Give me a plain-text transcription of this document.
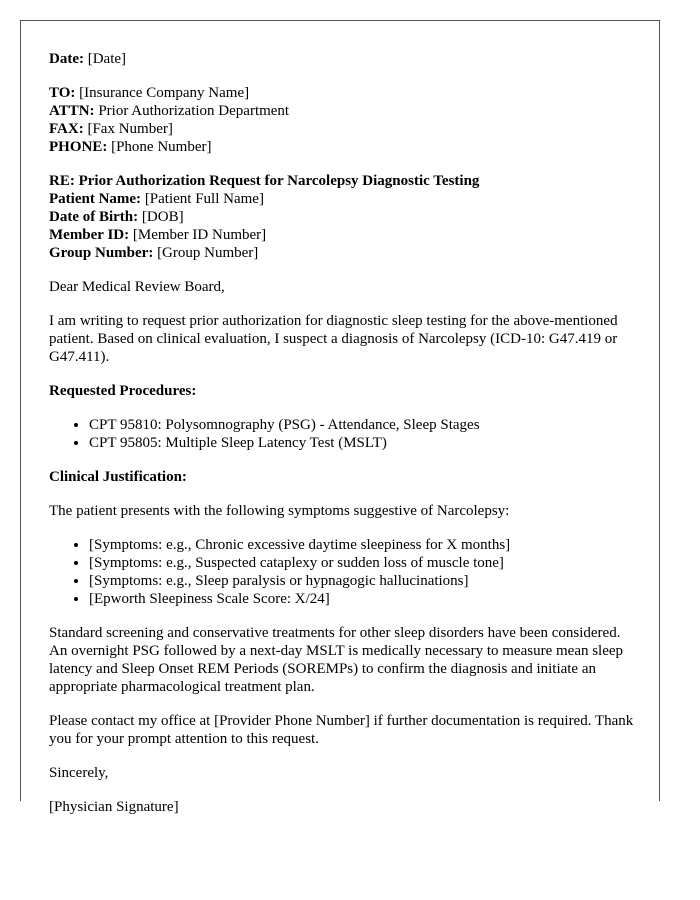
Date: [Date]
TO: [Insurance Company Name]
ATTN: Prior Authorization Department
FAX: [Fax Number]
PHONE: [Phone Number]
RE: Prior Authorization Request for Narcolepsy Diagnostic Testing
Patient Name: [Patient Full Name]
Date of Birth: [DOB]
Member ID: [Member ID Number]
Group Number: [Group Number]

Dear Medical Review Board,

I am writing to request prior authorization for diagnostic sleep testing for the above-mentioned patient. Based on clinical evaluation, I suspect a diagnosis of Narcolepsy (ICD-10: G47.419 or G47.411).

Requested Procedures:
• CPT 95810: Polysomnography (PSG) - Attendance, Sleep Stages
• CPT 95805: Multiple Sleep Latency Test (MSLT)
Clinical Justification:

The patient presents with the following symptoms suggestive of Narcolepsy:

• [Symptoms: e.g., Chronic excessive daytime sleepiness for X months]
• [Symptoms: e.g., Suspected cataplexy or sudden loss of muscle tone]
• [Symptoms: e.g., Sleep paralysis or hypnagogic hallucinations]
• [Epworth Sleepiness Scale Score: X/24]

Standard screening and conservative treatments for other sleep disorders have been considered. An overnight PSG followed by a next-day MSLT is medically necessary to measure mean sleep latency and Sleep Onset REM Periods (SOREMPs) to confirm the diagnosis and initiate an appropriate pharmacological treatment plan.

Please contact my office at [Provider Phone Number] if further documentation is required. Thank you for your prompt attention to this request.

Sincerely,

[Physician Signature]
